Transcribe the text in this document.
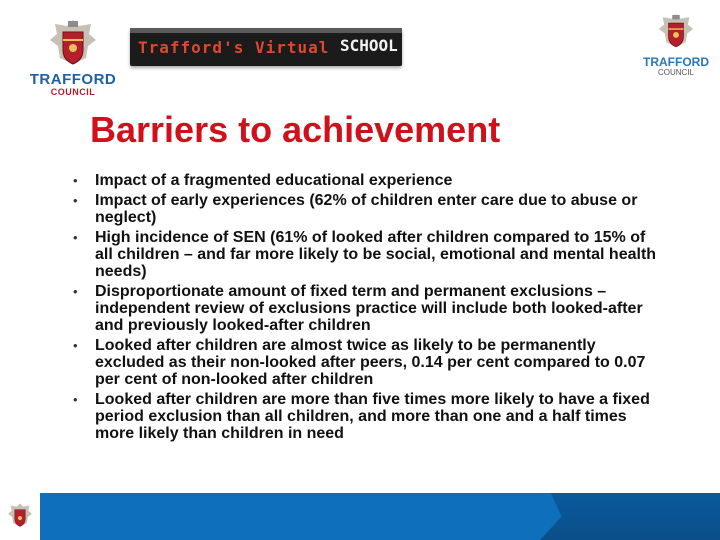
TRAFFORD
COUNCIL
Trafford's Virtual SCHOOL
TRAFFORD
COUNCIL
Barriers to achievement
• Impact of a fragmented educational experience
• Impact of early experiences (62% of children enter care due to abuse or neglect)
• High incidence of SEN (61% of looked after children compared to 15% of all children – and far more likely to be social, emotional and mental health needs)
• Disproportionate amount of fixed term and permanent exclusions – independent review of exclusions practice will include both looked-after and previously looked-after children
• Looked after children are almost twice as likely to be permanently excluded as their non-looked after peers, 0.14 per cent compared to 0.07 per cent of non-looked after children
• Looked after children are more than five times more likely to have a fixed period exclusion than all children, and more than one and a half times more likely than children in need
13
